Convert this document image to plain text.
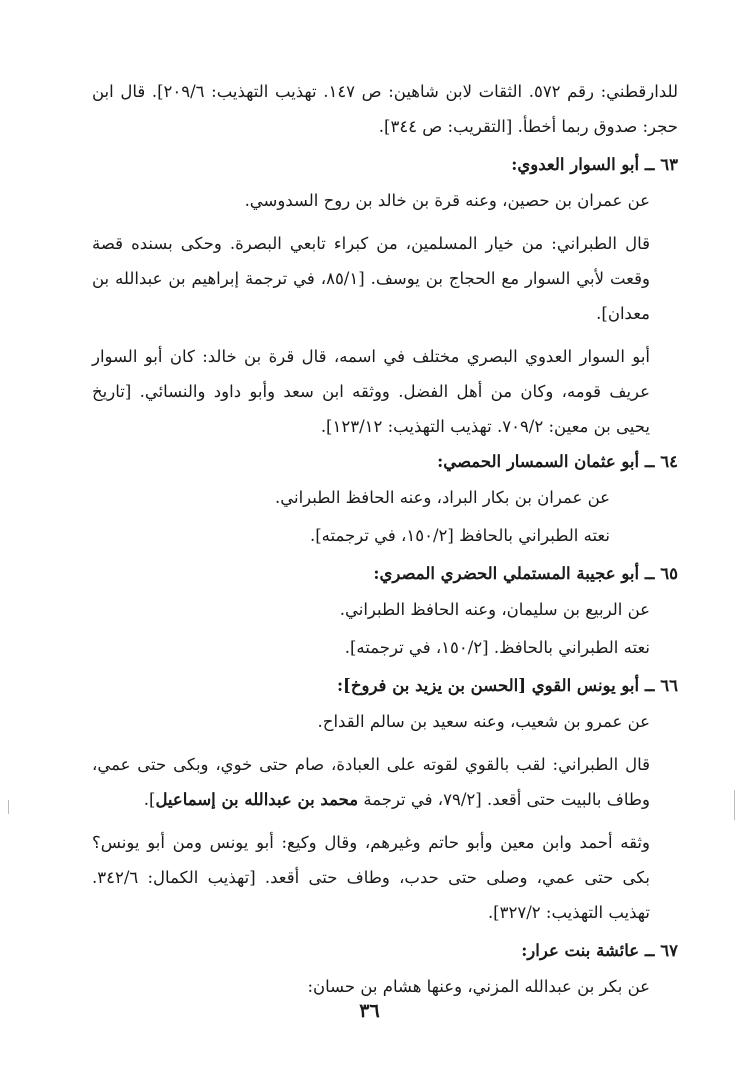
للدارقطني: رقم ٥٧٢. الثقات لابن شاهين: ص ١٤٧. تهذيب التهذيب: ٢٠٩/٦]. قال ابن حجر: صدوق ربما أخطأ. [التقريب: ص ٣٤٤].

٦٣ ــ أبو السوار العدوي:

عن عمران بن حصين، وعنه قرة بن خالد بن روح السدوسي.

قال الطبراني: من خيار المسلمين، من كبراء تابعي البصرة. وحكى بسنده قصة وقعت لأبي السوار مع الحجاج بن يوسف. [٨٥/١، في ترجمة إبراهيم بن عبدالله بن معدان].

أبو السوار العدوي البصري مختلف في اسمه، قال قرة بن خالد: كان أبو السوار عريف قومه، وكان من أهل الفضل. ووثقه ابن سعد وأبو داود والنسائي. [تاريخ يحيى بن معين: ٧٠٩/٢. تهذيب التهذيب: ١٢٣/١٢].

٦٤ ــ أبو عثمان السمسار الحمصي:

عن عمران بن بكار البراد، وعنه الحافظ الطبراني.

نعته الطبراني بالحافظ [١٥٠/٢، في ترجمته].

٦٥ ــ أبو عجيبة المستملي الحضري المصري:

عن الربيع بن سليمان، وعنه الحافظ الطبراني.

نعته الطبراني بالحافظ. [١٥٠/٢، في ترجمته].

٦٦ ــ أبو يونس القوي [الحسن بن يزيد بن فروخ]:

عن عمرو بن شعيب، وعنه سعيد بن سالم القداح.

قال الطبراني: لقب بالقوي لقوته على العبادة، صام حتى خوي، وبكى حتى عمي، وطاف بالبيت حتى أقعد. [٧٩/٢، في ترجمة محمد بن عبدالله بن إسماعيل].

وثقه أحمد وابن معين وأبو حاتم وغيرهم، وقال وكيع: أبو يونس ومن أبو يونس؟ بكى حتى عمي، وصلى حتى حدب، وطاف حتى أقعد. [تهذيب الكمال: ٣٤٢/٦. تهذيب التهذيب: ٣٢٧/٢].

٦٧ ــ عائشة بنت عرار:

عن بكر بن عبدالله المزني، وعنها هشام بن حسان:

٣٦
